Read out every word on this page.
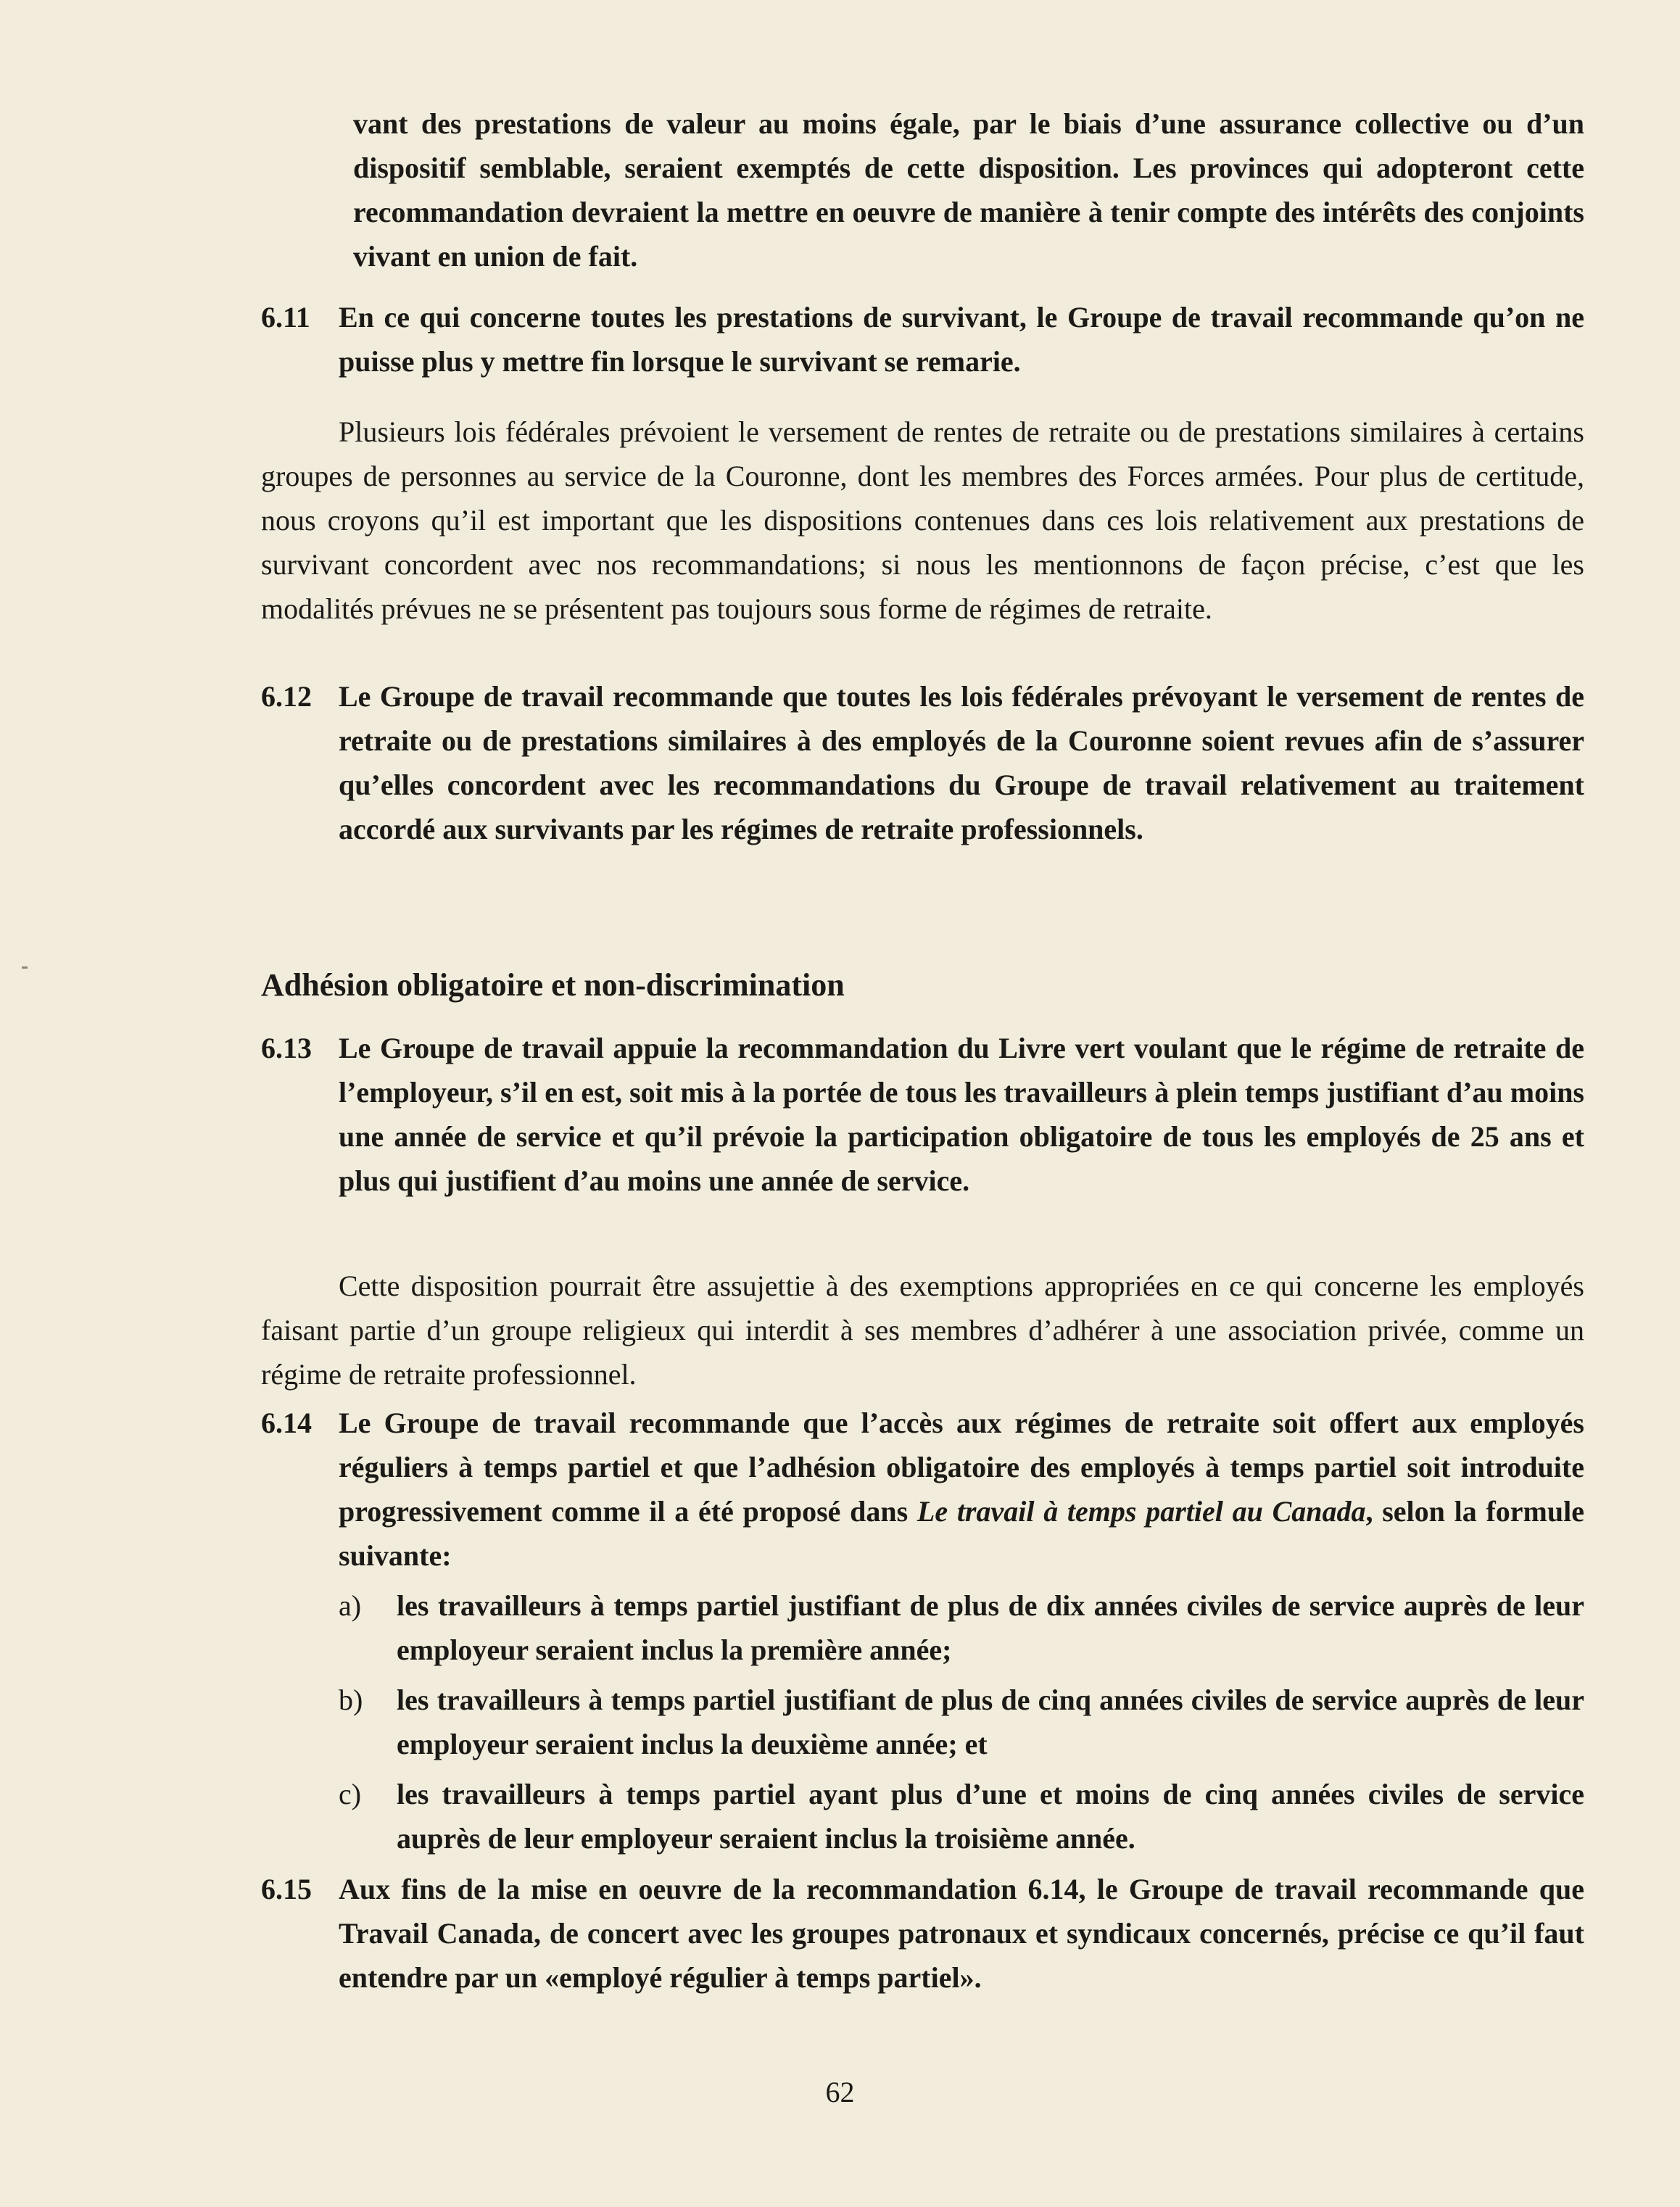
vant des prestations de valeur au moins égale, par le biais d’une assurance collective ou d’un dispositif semblable, seraient exemptés de cette disposition. Les provinces qui adopteront cette recommandation devraient la mettre en oeuvre de manière à tenir compte des intérêts des conjoints vivant en union de fait.

6.11 En ce qui concerne toutes les prestations de survivant, le Groupe de travail recommande qu’on ne puisse plus y mettre fin lorsque le survivant se remarie.

Plusieurs lois fédérales prévoient le versement de rentes de retraite ou de prestations similaires à certains groupes de personnes au service de la Couronne, dont les membres des Forces armées. Pour plus de certitude, nous croyons qu’il est important que les dispositions contenues dans ces lois relativement aux prestations de survivant concordent avec nos recommandations; si nous les mentionnons de façon précise, c’est que les modalités prévues ne se présentent pas toujours sous forme de régimes de retraite.

6.12 Le Groupe de travail recommande que toutes les lois fédérales prévoyant le versement de rentes de retraite ou de prestations similaires à des employés de la Couronne soient revues afin de s’assurer qu’elles concordent avec les recommandations du Groupe de travail relativement au traitement accordé aux survivants par les régimes de retraite professionnels.

Adhésion obligatoire et non-discrimination

6.13 Le Groupe de travail appuie la recommandation du Livre vert voulant que le régime de retraite de l’employeur, s’il en est, soit mis à la portée de tous les travailleurs à plein temps justifiant d’au moins une année de service et qu’il prévoie la participation obligatoire de tous les employés de 25 ans et plus qui justifient d’au moins une année de service.

Cette disposition pourrait être assujettie à des exemptions appropriées en ce qui concerne les employés faisant partie d’un groupe religieux qui interdit à ses membres d’adhérer à une association privée, comme un régime de retraite professionnel.

6.14 Le Groupe de travail recommande que l’accès aux régimes de retraite soit offert aux employés réguliers à temps partiel et que l’adhésion obligatoire des employés à temps partiel soit introduite progressivement comme il a été proposé dans Le travail à temps partiel au Canada, selon la formule suivante:

a) les travailleurs à temps partiel justifiant de plus de dix années civiles de service auprès de leur employeur seraient inclus la première année;

b) les travailleurs à temps partiel justifiant de plus de cinq années civiles de service auprès de leur employeur seraient inclus la deuxième année; et

c) les travailleurs à temps partiel ayant plus d’une et moins de cinq années civiles de service auprès de leur employeur seraient inclus la troisième année.

6.15 Aux fins de la mise en oeuvre de la recommandation 6.14, le Groupe de travail recommande que Travail Canada, de concert avec les groupes patronaux et syndicaux concernés, précise ce qu’il faut entendre par un «employé régulier à temps partiel».

62
